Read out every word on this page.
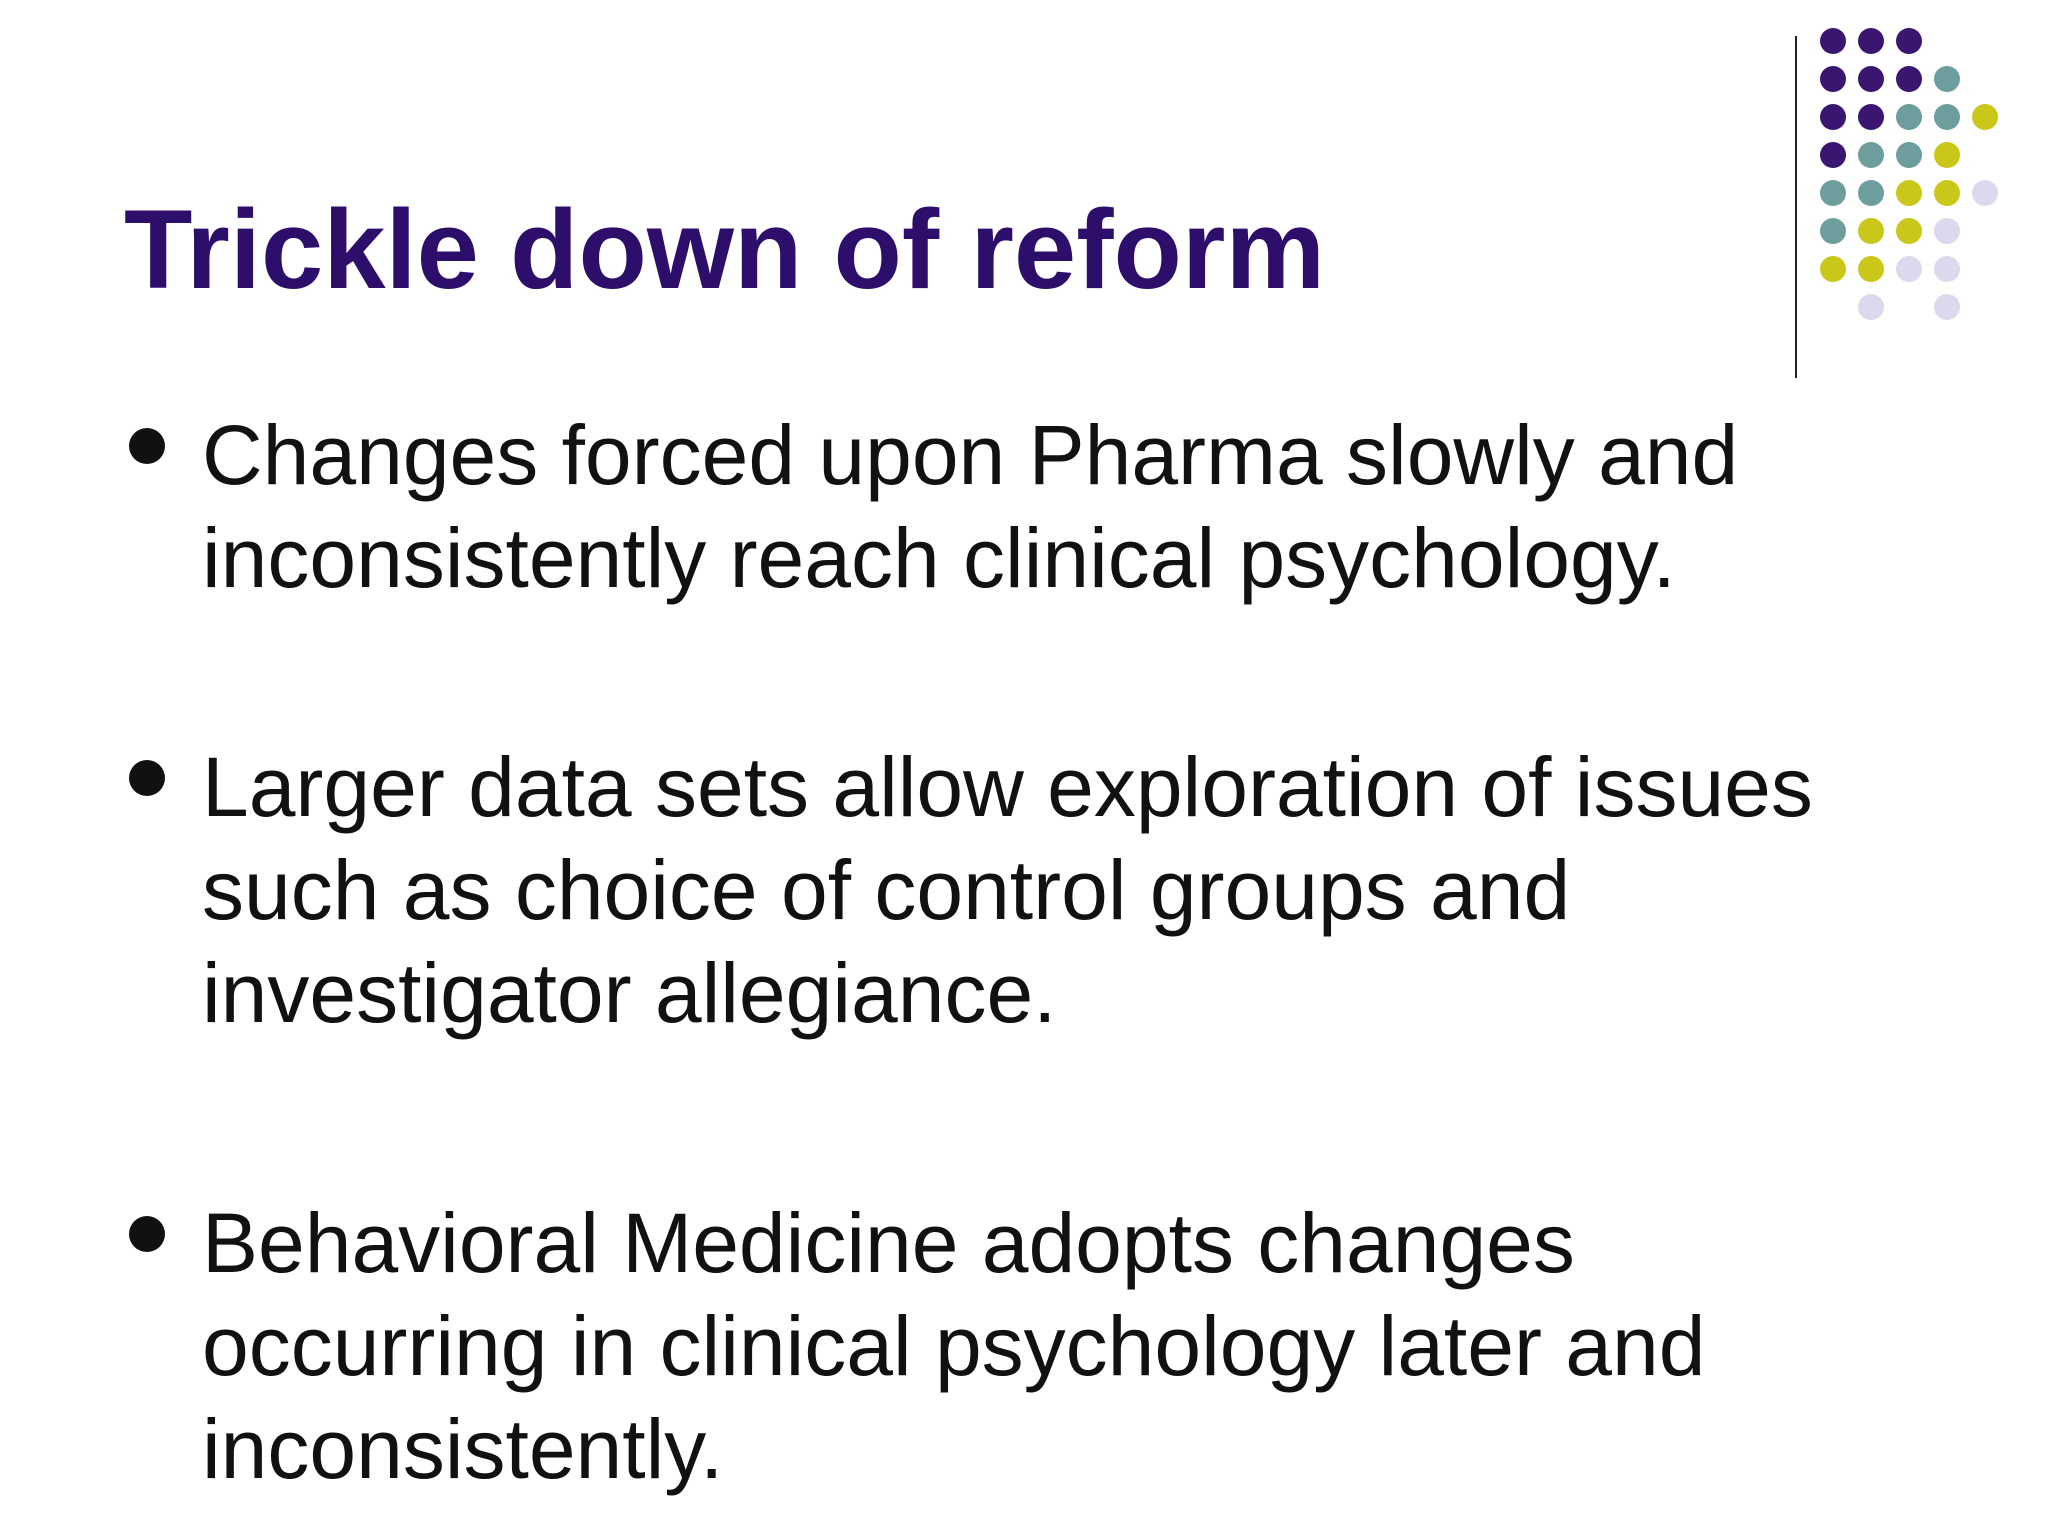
Trickle down of reform

Changes forced upon Pharma slowly and
inconsistently reach clinical psychology.

Larger data sets allow exploration of issues
such as choice of control groups and
investigator allegiance.

Behavioral Medicine adopts changes
occurring in clinical psychology later and
inconsistently.
